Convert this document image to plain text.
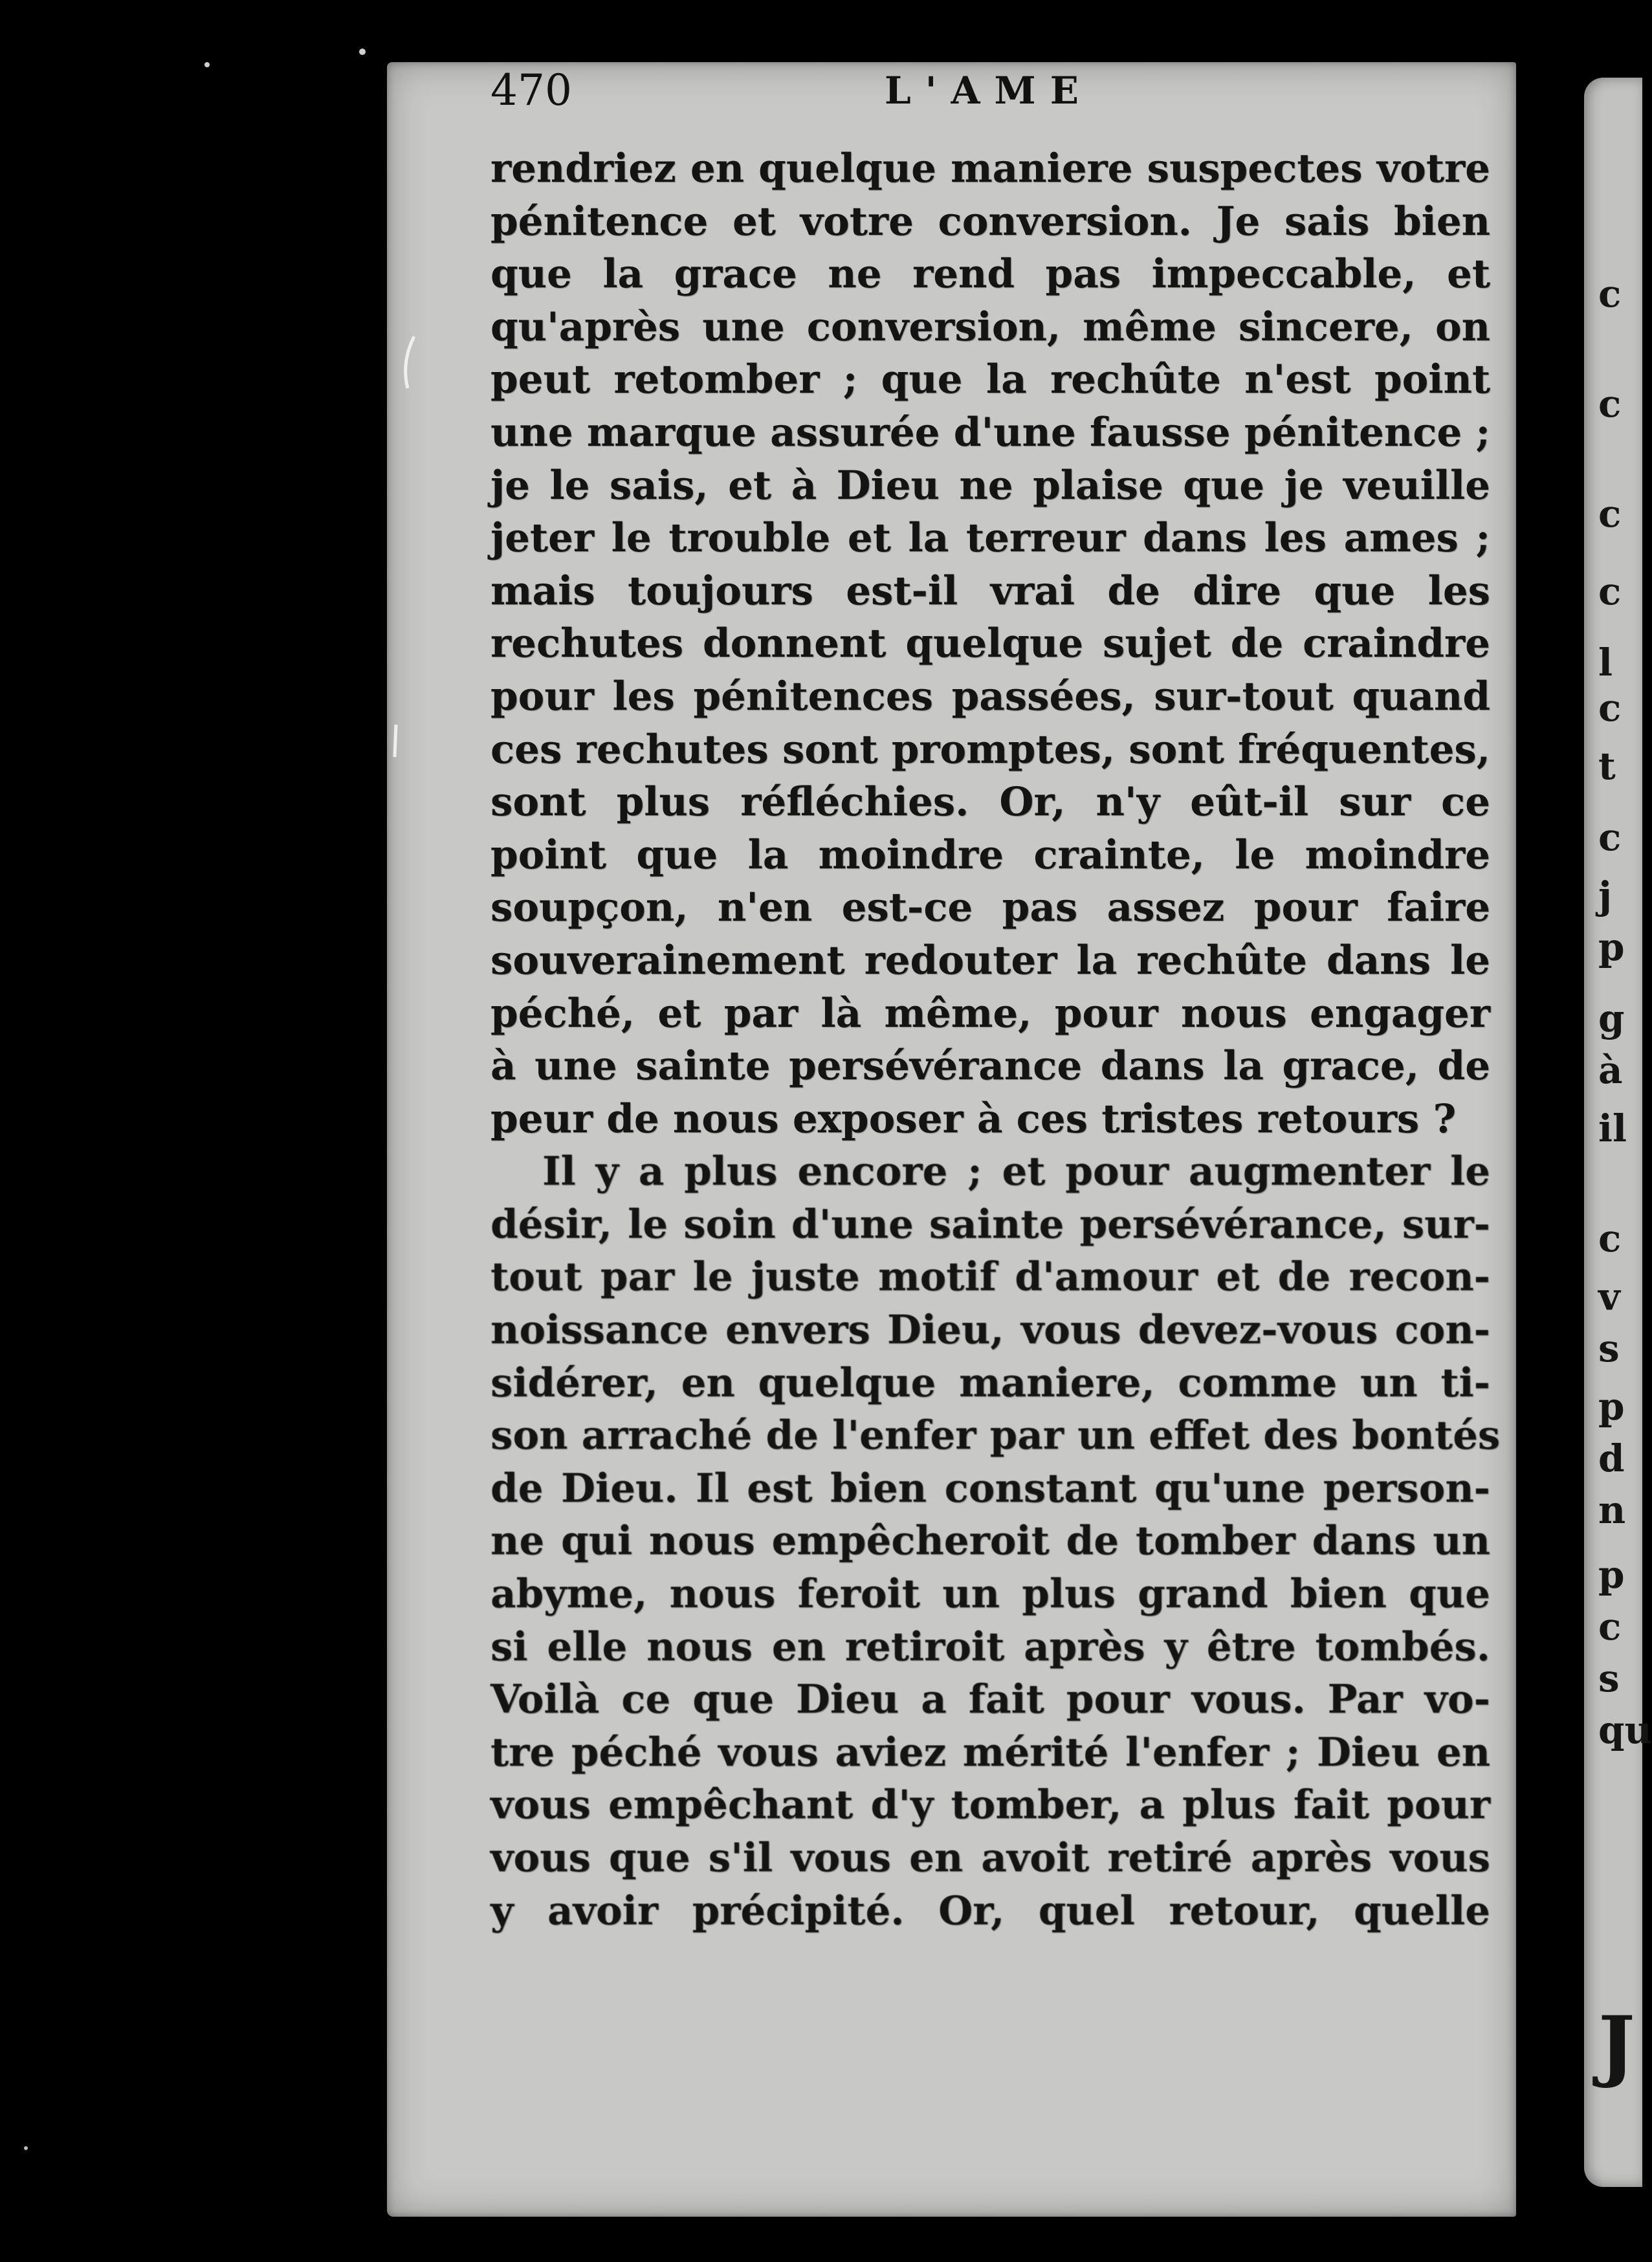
470	L'AME
rendriez en quelque maniere suspectes votre
pénitence et votre conversion. Je sais bien
que la grace ne rend pas impeccable, et
qu'après une conversion, même sincere, on
peut retomber ; que la rechûte n'est point
une marque assurée d'une fausse pénitence ;
je le sais, et à Dieu ne plaise que je veuille
jeter le trouble et la terreur dans les ames ;
mais toujours est-il vrai de dire que les
rechutes donnent quelque sujet de craindre
pour les pénitences passées, sur-tout quand
ces rechutes sont promptes, sont fréquentes,
sont plus réfléchies. Or, n'y eût-il sur ce
point que la moindre crainte, le moindre
soupçon, n'en est-ce pas assez pour faire
souverainement redouter la rechûte dans le
péché, et par là même, pour nous engager
à une sainte persévérance dans la grace, de
peur de nous exposer à ces tristes retours ?
Il y a plus encore ; et pour augmenter le
désir, le soin d'une sainte persévérance, sur-
tout par le juste motif d'amour et de recon-
noissance envers Dieu, vous devez-vous con-
sidérer, en quelque maniere, comme un ti-
son arraché de l'enfer par un effet des bontés
de Dieu. Il est bien constant qu'une person-
ne qui nous empêcheroit de tomber dans un
abyme, nous feroit un plus grand bien que
si elle nous en retiroit après y être tombés.
Voilà ce que Dieu a fait pour vous. Par vo-
tre péché vous aviez mérité l'enfer ; Dieu en
vous empêchant d'y tomber, a plus fait pour
vous que s'il vous en avoit retiré après vous
y avoir précipité. Or, quel retour, quelle
c
c
c
c
l
c
t
c
j
p
g
à
il
c
v
s
p
d
n
p
c
s
qu
J
